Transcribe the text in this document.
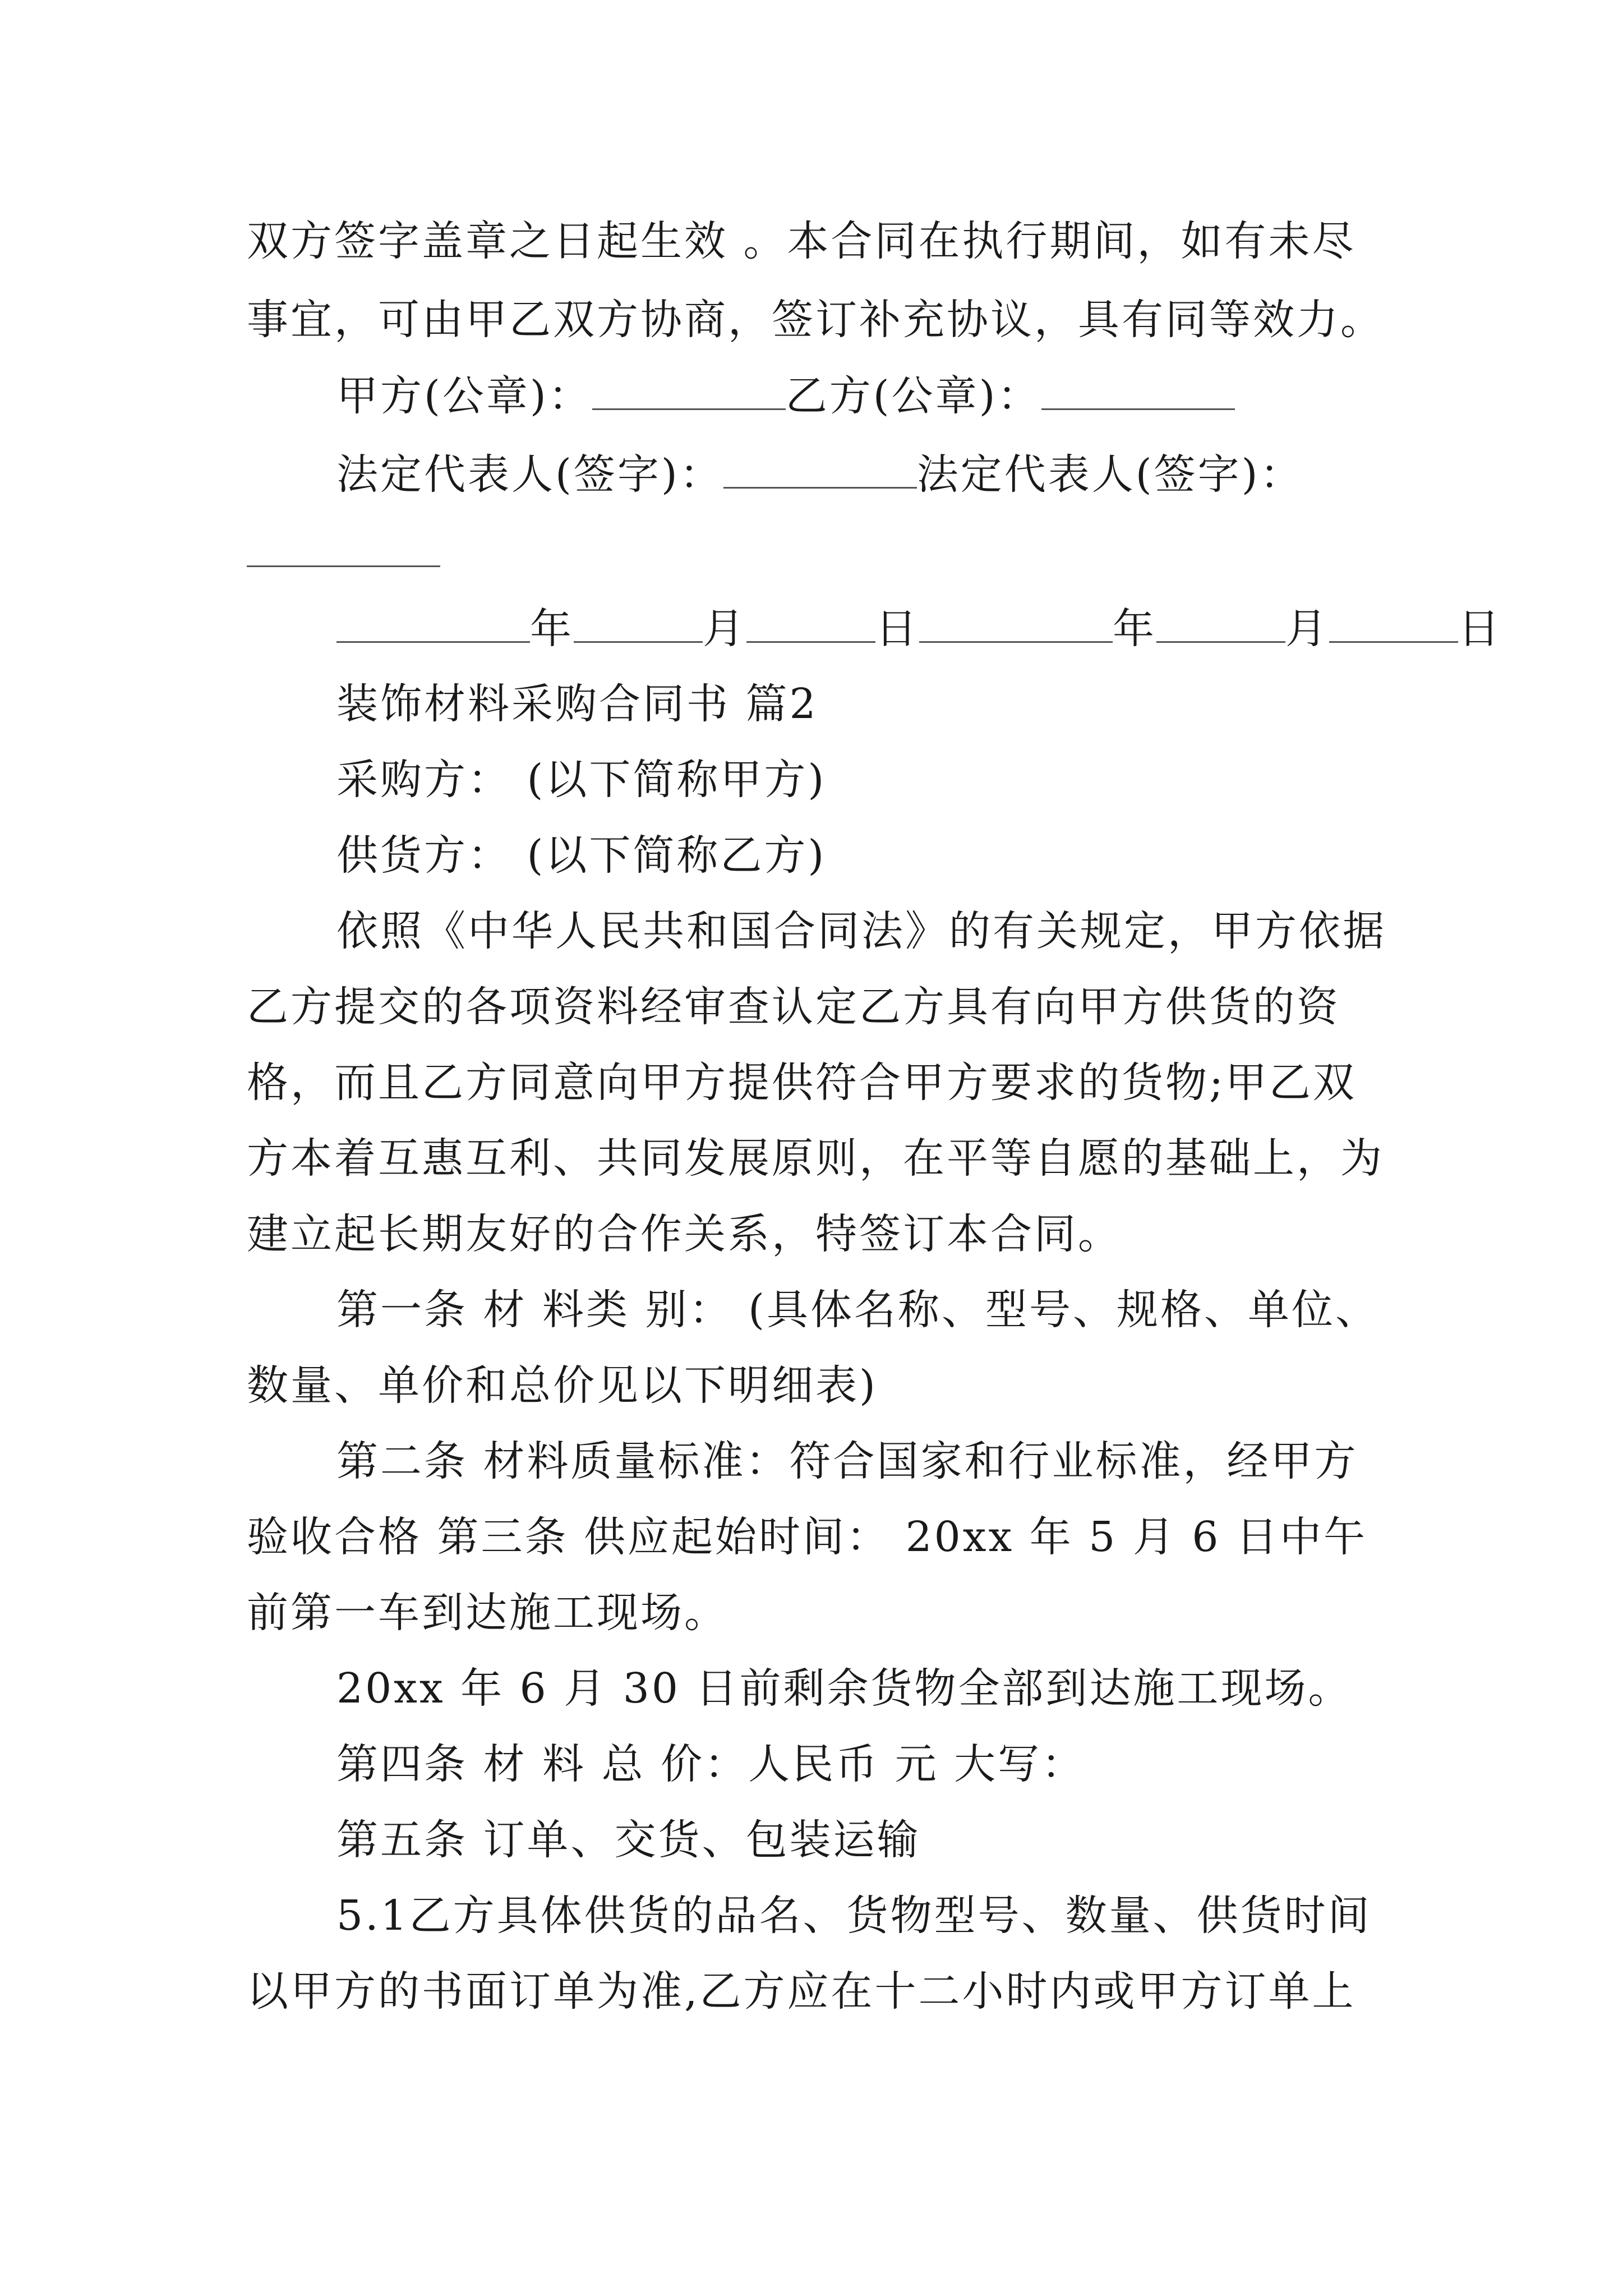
双方签字盖章之日起生效 。本合同在执行期间，如有未尽
事宜，可由甲乙双方协商，签订补充协议，具有同等效力。
甲方(公章)：	乙方(公章)：
法定代表人(签字)：	法定代表人(签字)：
年	月	日	年	月	日
装饰材料采购合同书 篇2
采购方： (以下简称甲方)
供货方： (以下简称乙方)
依照《中华人民共和国合同法》的有关规定，甲方依据
乙方提交的各项资料经审查认定乙方具有向甲方供货的资
格，而且乙方同意向甲方提供符合甲方要求的货物;甲乙双
方本着互惠互利、共同发展原则，在平等自愿的基础上，为
建立起长期友好的合作关系，特签订本合同。
第一条 材 料类 别： (具体名称、型号、规格、单位、
数量、单价和总价见以下明细表)
第二条 材料质量标准：符合国家和行业标准，经甲方
验收合格 第三条 供应起始时间： 20xx 年 5 月 6 日中午
前第一车到达施工现场。
20xx 年 6 月 30 日前剩余货物全部到达施工现场。
第四条 材 料 总 价：人民币 元 大写：
第五条 订单、交货、包装运输
5.1乙方具体供货的品名、货物型号、数量、供货时间
以甲方的书面订单为准,乙方应在十二小时内或甲方订单上
